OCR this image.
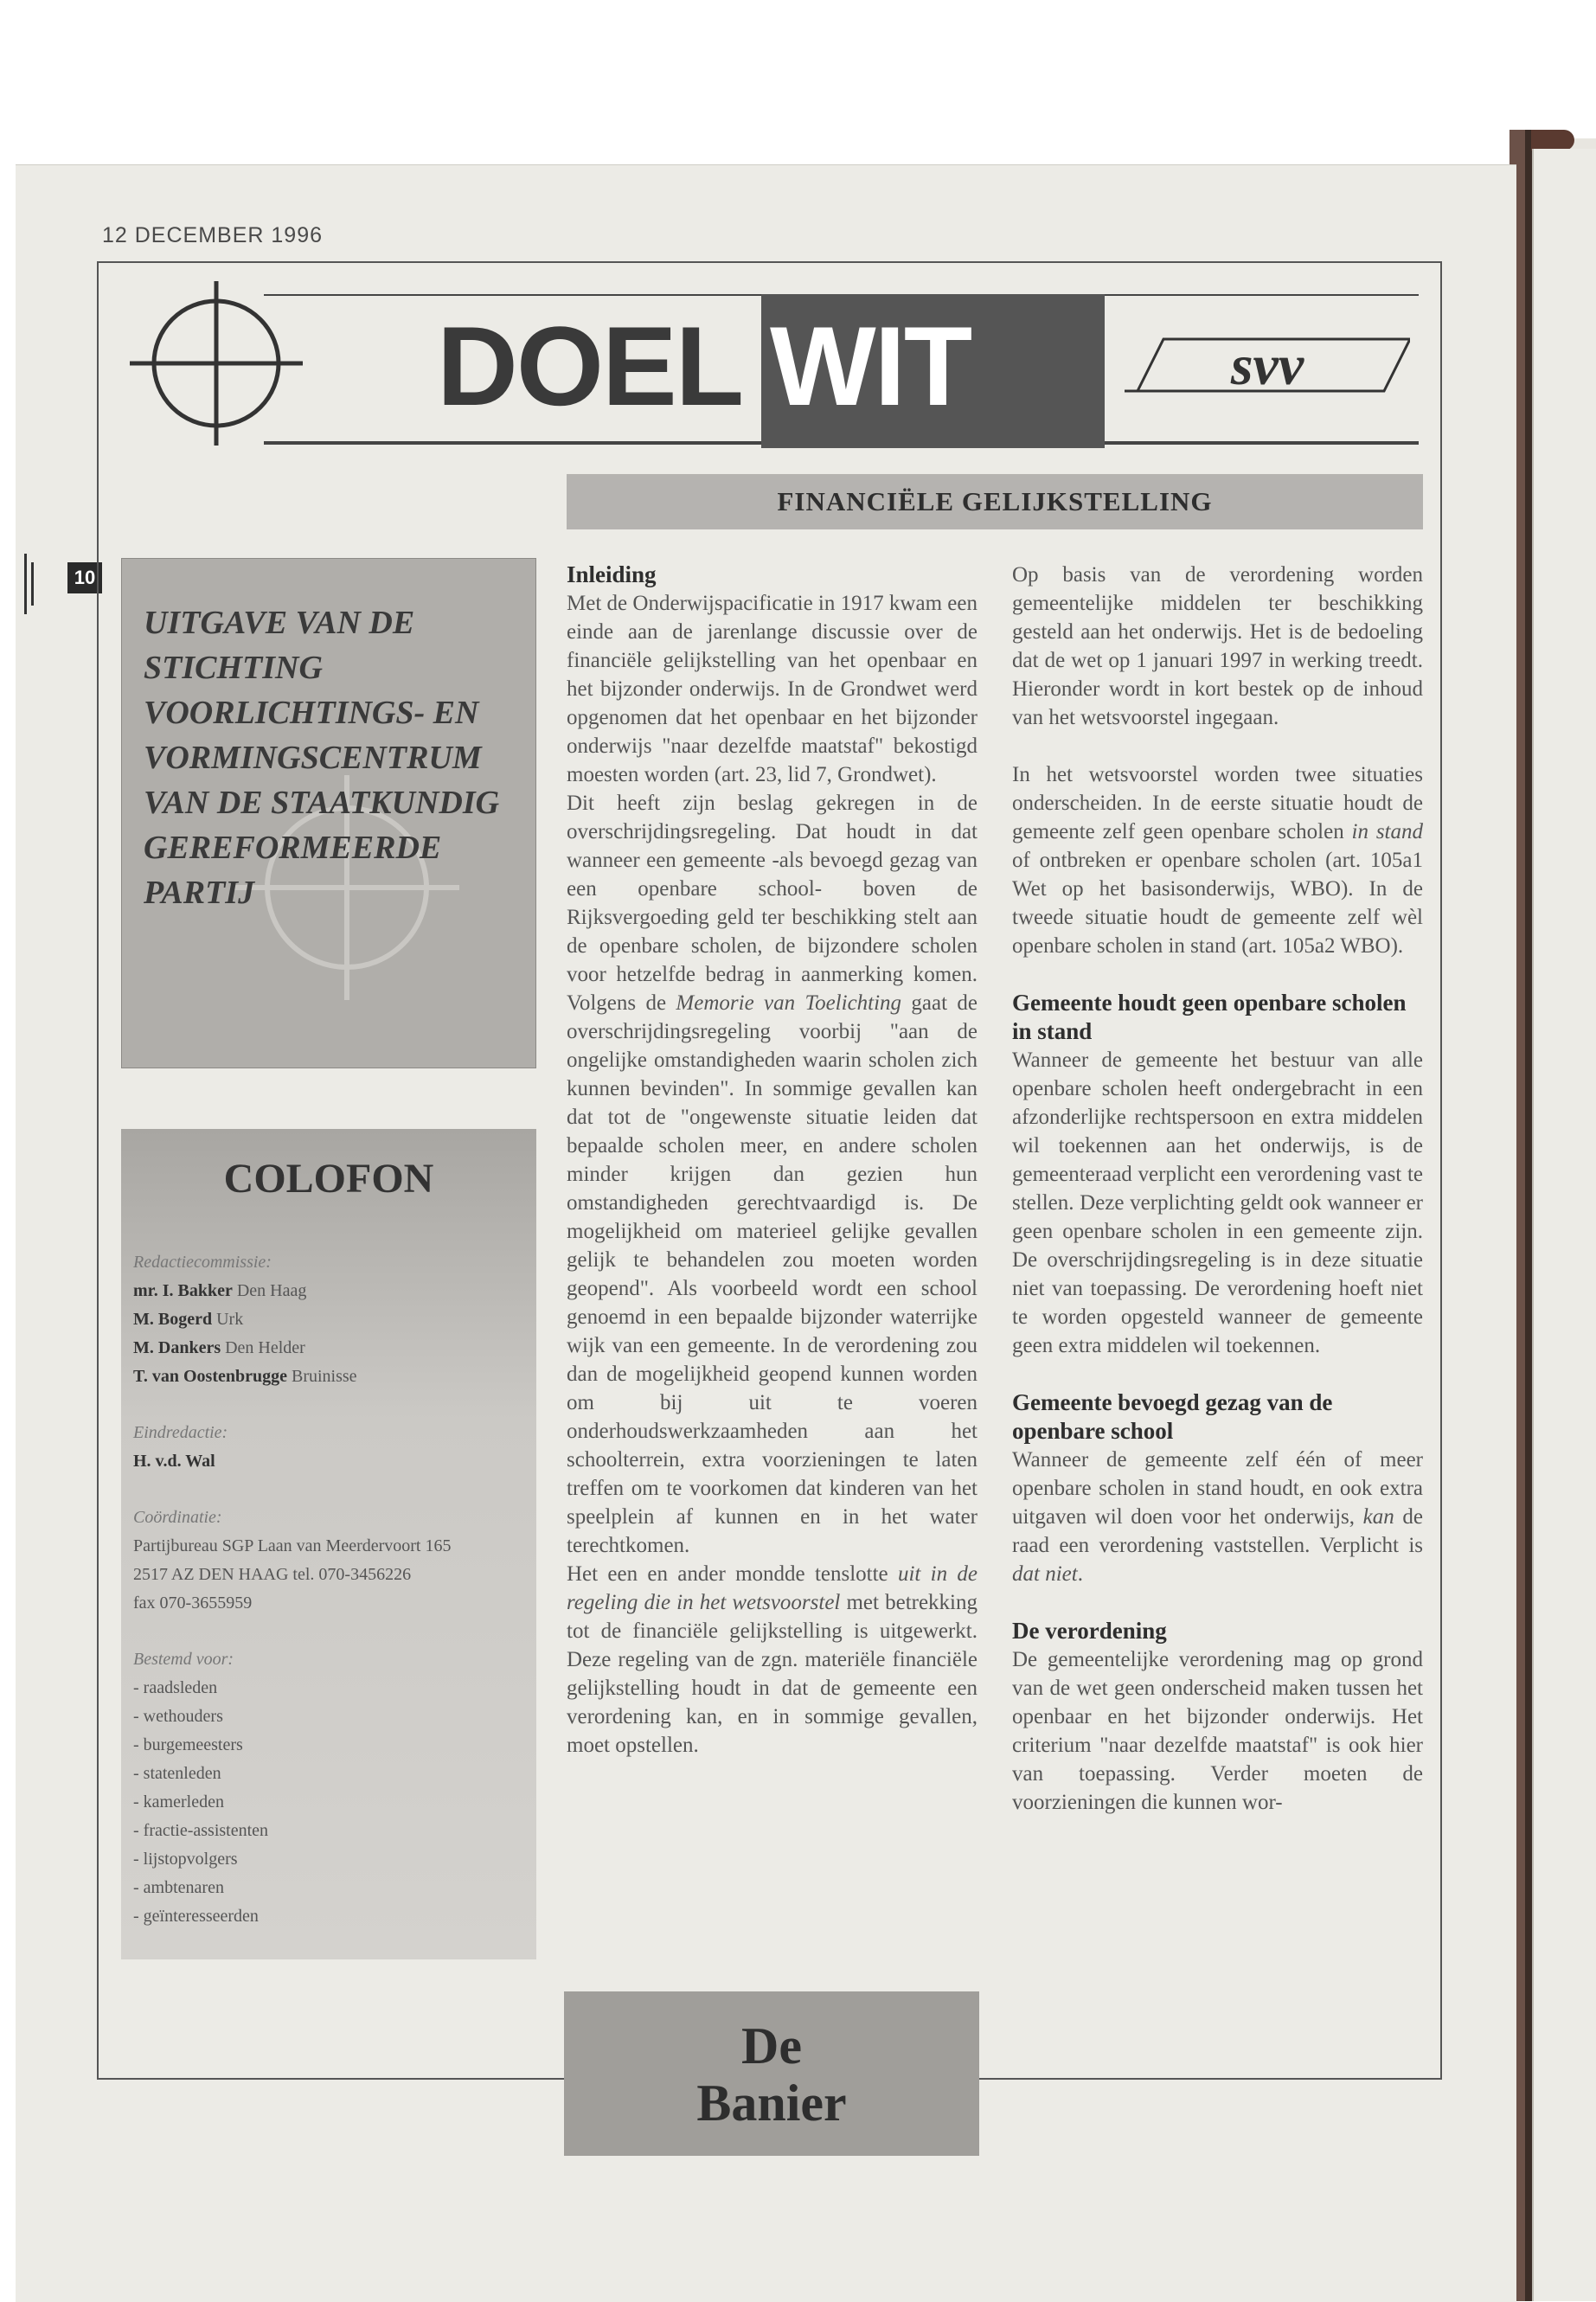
12 DECEMBER 1996
10
DOEL WIT	svv
FINANCIËLE GELIJKSTELLING
UITGAVE VAN DE STICHTING VOORLICHTINGS- EN VORMINGSCENTRUM VAN DE STAATKUNDIG GEREFORMEERDE PARTIJ
COLOFON
Redactiecommissie:
mr. I. Bakker Den Haag
M. Bogerd Urk
M. Dankers Den Helder
T. van Oostenbrugge Bruinisse
Eindredactie:
H. v.d. Wal
Coördinatie:
Partijbureau SGP Laan van Meerdervoort 165
2517 AZ DEN HAAG tel. 070-3456226
fax 070-3655959
Bestemd voor:
- raadsleden
- wethouders
- burgemeesters
- statenleden
- kamerleden
- fractie-assistenten
- lijstopvolgers
- ambtenaren
- geïnteresseerden
Inleiding

Met de Onderwijspacificatie in 1917 kwam een einde aan de jarenlange discussie over de financiële gelijkstelling van het openbaar en het bijzonder onderwijs. In de Grondwet werd opgenomen dat het openbaar en het bijzonder onderwijs "naar dezelfde maatstaf" bekostigd moesten worden (art. 23, lid 7, Grondwet).

Dit heeft zijn beslag gekregen in de overschrijdingsregeling. Dat houdt in dat wanneer een gemeente -als bevoegd gezag van een openbare school- boven de Rijksvergoeding geld ter beschikking stelt aan de openbare scholen, de bijzondere scholen voor hetzelfde bedrag in aanmerking komen. Volgens de Memorie van Toelichting gaat de overschrijdingsregeling voorbij "aan de ongelijke omstandigheden waarin scholen zich kunnen bevinden". In sommige gevallen kan dat tot de "ongewenste situatie leiden dat bepaalde scholen meer, en andere scholen minder krijgen dan gezien hun omstandigheden gerechtvaardigd is. De mogelijkheid om materieel gelijke gevallen gelijk te behandelen zou moeten worden geopend". Als voorbeeld wordt een school genoemd in een bepaalde bijzonder waterrijke wijk van een gemeente. In de verordening zou dan de mogelijkheid geopend kunnen worden om bij uit te voeren onderhoudswerkzaamheden aan het schoolterrein, extra voorzieningen te laten treffen om te voorkomen dat kinderen van het speelplein af kunnen en in het water terechtkomen.

Het een en ander mondde tenslotte uit in de regeling die in het wetsvoorstel met betrekking tot de financiële gelijkstelling is uitgewerkt. Deze regeling van de zgn. materiële financiële gelijkstelling houdt in dat de gemeente een verordening kan, en in sommige gevallen, moet opstellen.

Op basis van de verordening worden gemeentelijke middelen ter beschikking gesteld aan het onderwijs. Het is de bedoeling dat de wet op 1 januari 1997 in werking treedt. Hieronder wordt in kort bestek op de inhoud van het wetsvoorstel ingegaan.

In het wetsvoorstel worden twee situaties onderscheiden. In de eerste situatie houdt de gemeente zelf geen openbare scholen in stand of ontbreken er openbare scholen (art. 105a1 Wet op het basisonderwijs, WBO). In de tweede situatie houdt de gemeente zelf wèl openbare scholen in stand (art. 105a2 WBO).

Gemeente houdt geen openbare scholen in stand

Wanneer de gemeente het bestuur van alle openbare scholen heeft ondergebracht in een afzonderlijke rechtspersoon en extra middelen wil toekennen aan het onderwijs, is de gemeenteraad verplicht een verordening vast te stellen. Deze verplichting geldt ook wanneer er geen openbare scholen in een gemeente zijn. De overschrijdingsregeling is in deze situatie niet van toepassing. De verordening hoeft niet te worden opgesteld wanneer de gemeente geen extra middelen wil toekennen.

Gemeente bevoegd gezag van de openbare school

Wanneer de gemeente zelf één of meer openbare scholen in stand houdt, en ook extra uitgaven wil doen voor het onderwijs, kan de raad een verordening vaststellen. Verplicht is dat niet.

De verordening

De gemeentelijke verordening mag op grond van de wet geen onderscheid maken tussen het openbaar en het bijzonder onderwijs. Het criterium "naar dezelfde maatstaf" is ook hier van toepassing. Verder moeten de voorzieningen die kunnen wor-

De
Banier
